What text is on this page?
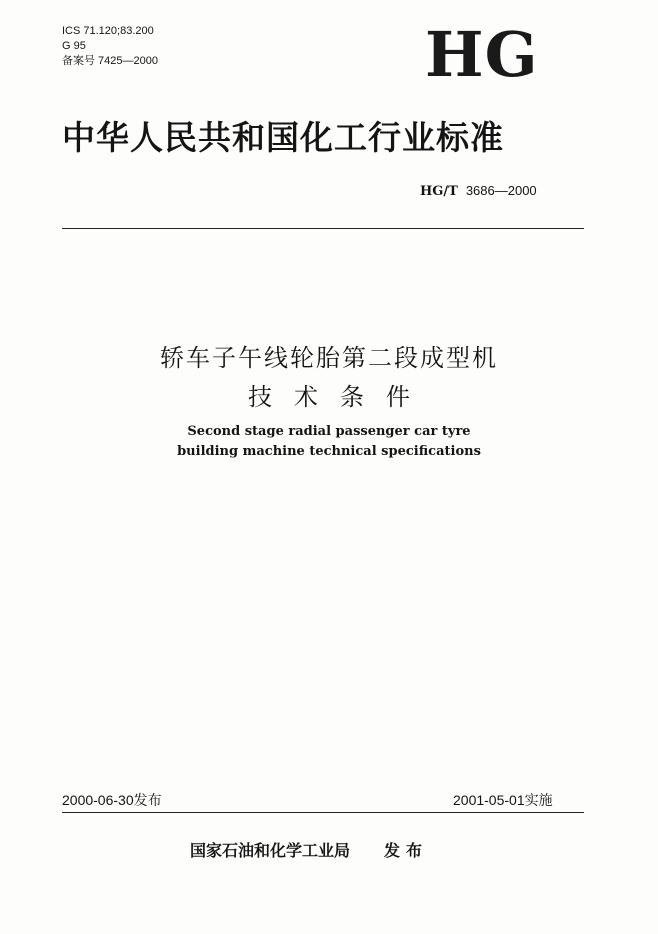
ICS 71.120;83.200
G 95
备案号 7425—2000	HG
中华人民共和国化工行业标准
HG/T 3686—2000
轿车子午线轮胎第二段成型机
技术条件
Second stage radial passenger car tyre
building machine technical specifications
2000-06-30发布	2001-05-01实施
国家石油和化学工业局 发布
